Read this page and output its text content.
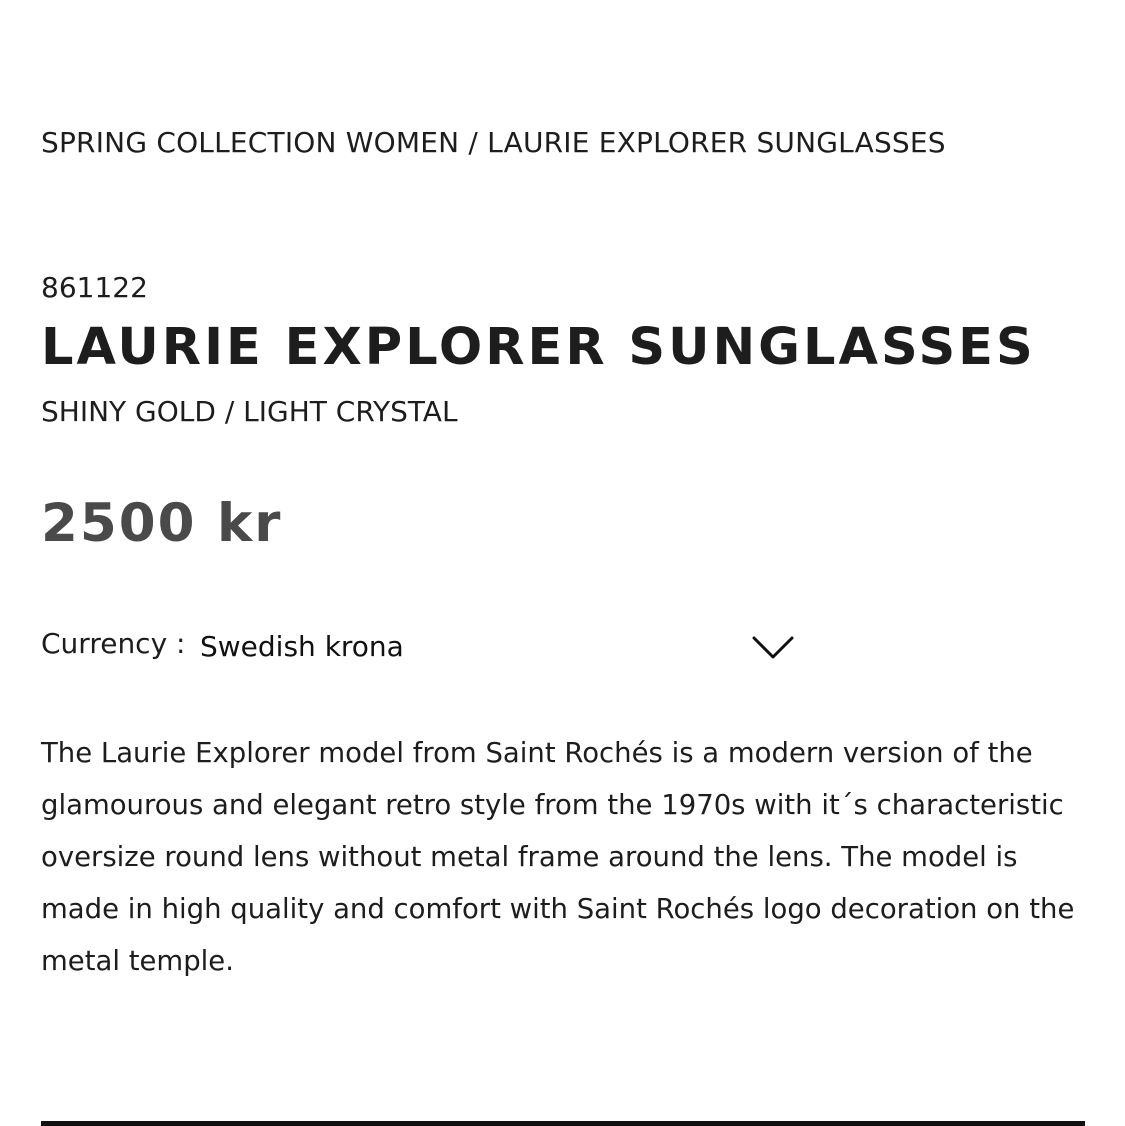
SPRING COLLECTION WOMEN / LAURIE EXPLORER SUNGLASSES
861122
LAURIE EXPLORER SUNGLASSES
SHINY GOLD / LIGHT CRYSTAL
2500 kr
Currency : Swedish krona

The Laurie Explorer model from Saint Rochés is a modern version of the glamourous and elegant retro style from the 1970s with it´s characteristic oversize round lens without metal frame around the lens. The model is made in high quality and comfort with Saint Rochés logo decoration on the metal temple.
